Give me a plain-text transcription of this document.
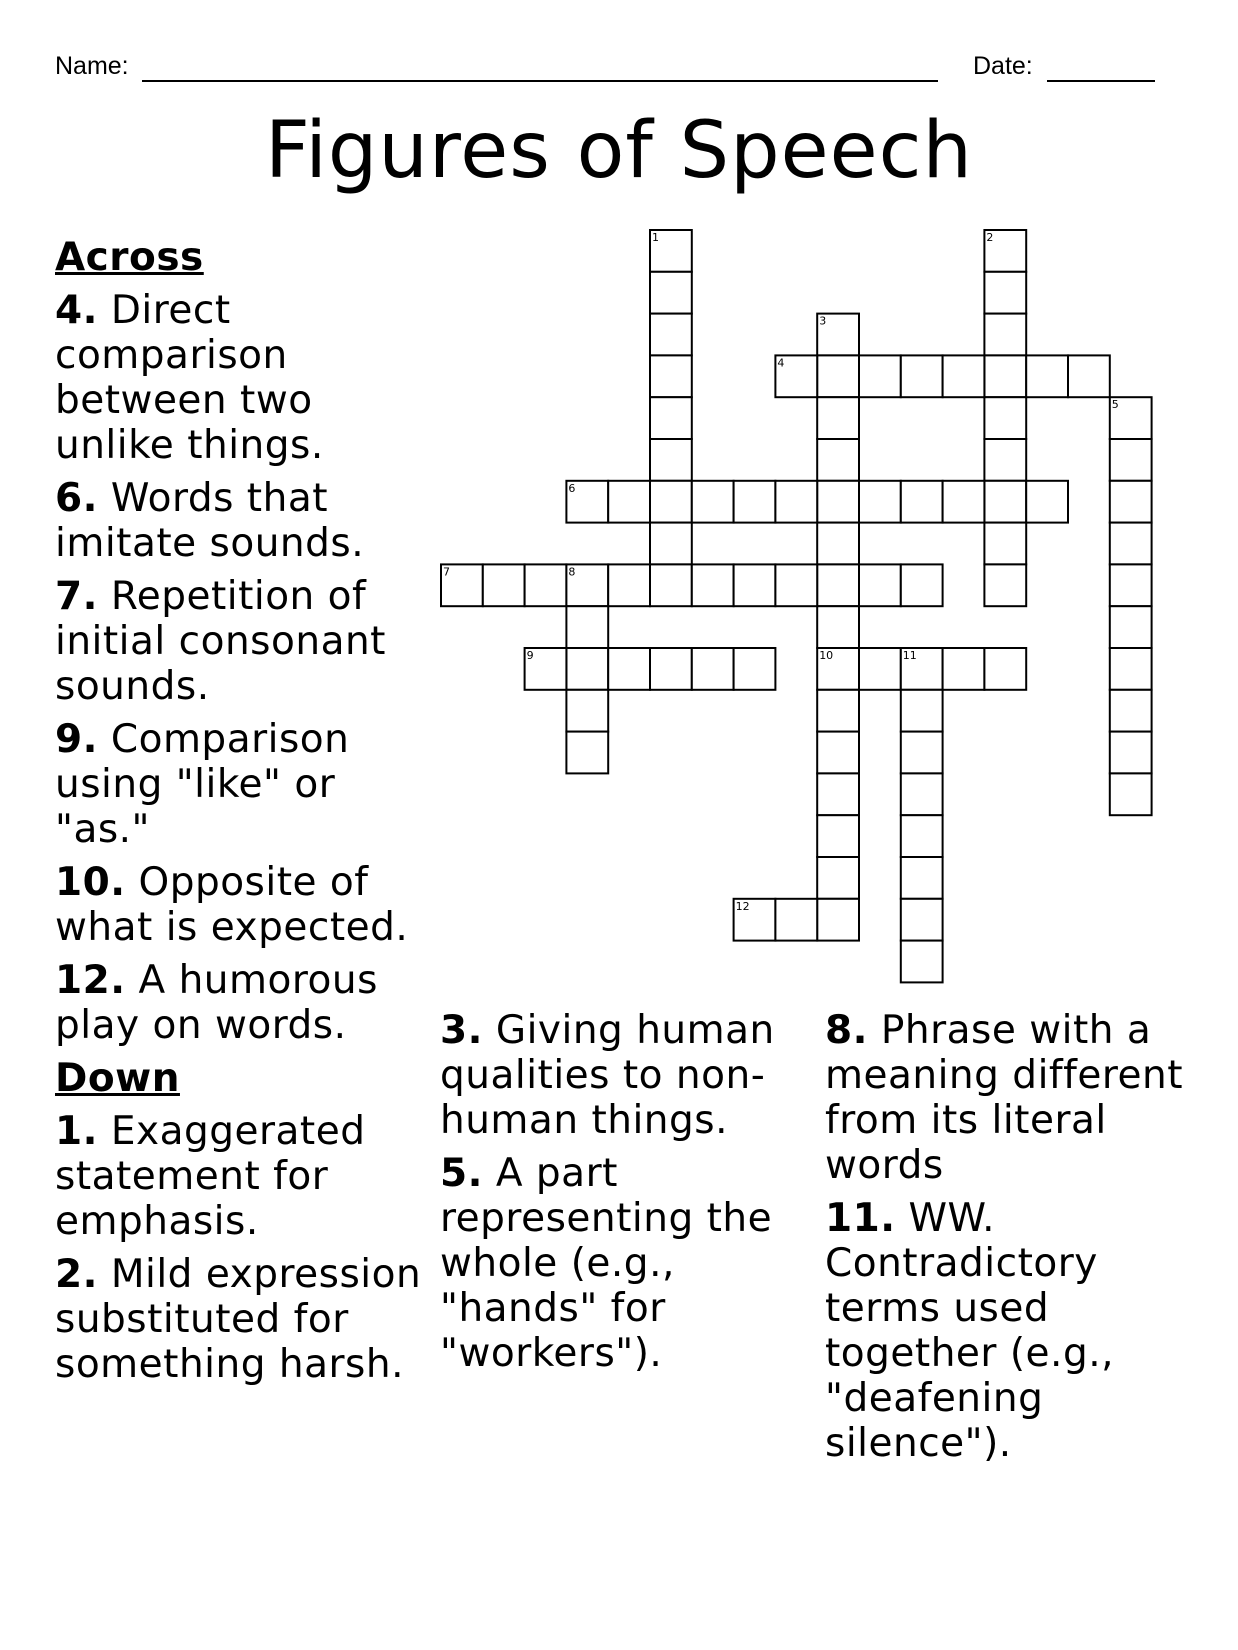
Name:	Date:
Figures of Speech
1	2
3
4
5
6
7	8
9	10	11
12
Across
4. Direct comparison between two unlike things.
6. Words that imitate sounds.
7. Repetition of initial consonant sounds.
9. Comparison using "like" or "as."
10. Opposite of what is expected.
12. A humorous play on words.
Down
1. Exaggerated statement for emphasis.
2. Mild expression substituted for something harsh.
3. Giving human qualities to non-human things.
5. A part representing the whole (e.g., "hands" for "workers").
8. Phrase with a meaning different from its literal words
11. WW. Contradictory terms used together (e.g., "deafening silence").
